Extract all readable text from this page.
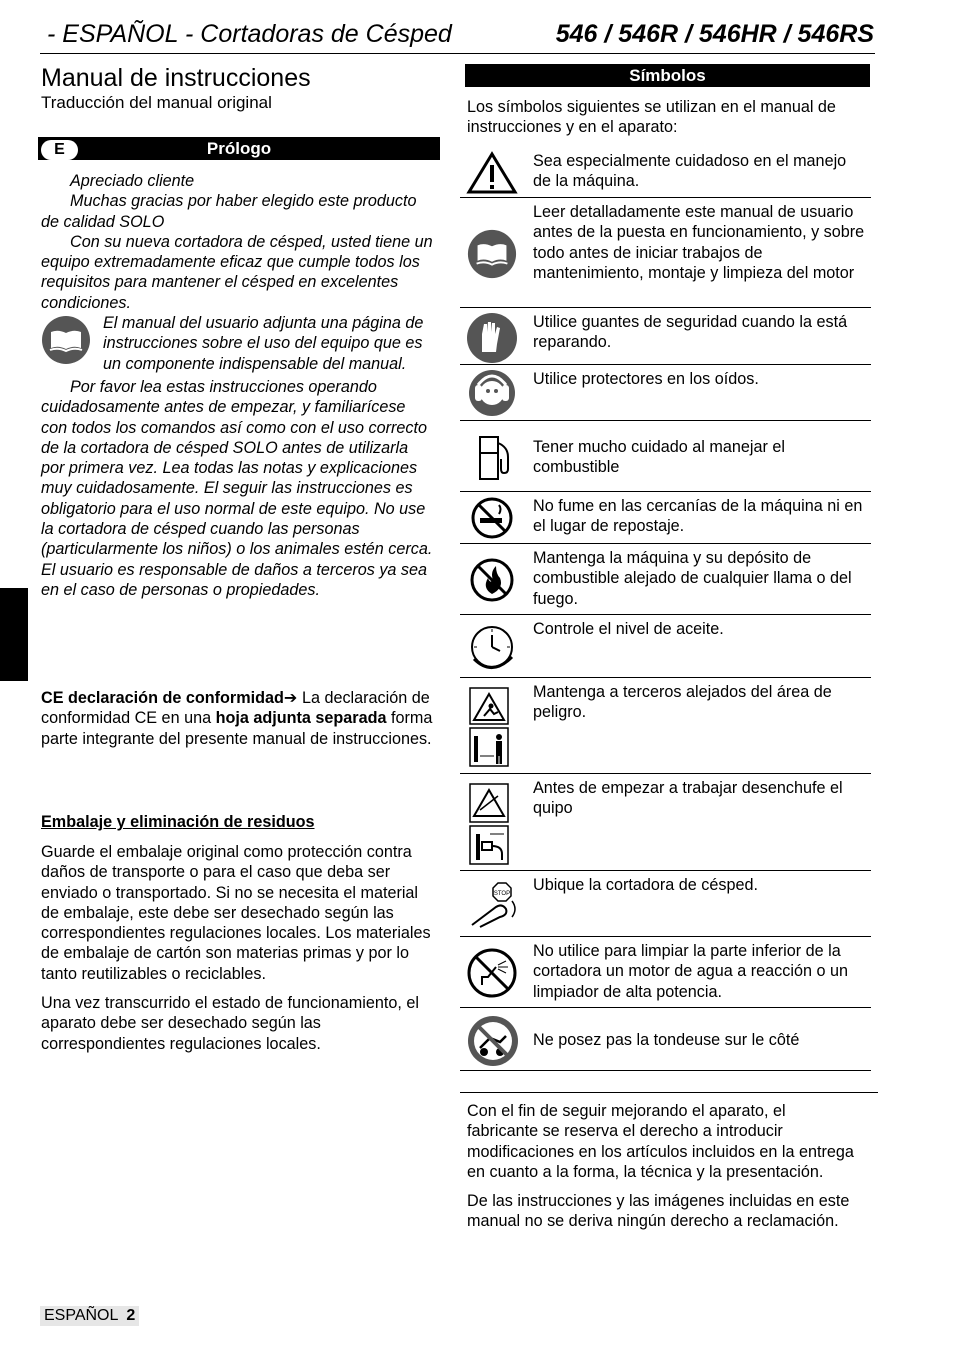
- ESPAÑOL - Cortadoras de Césped	546 / 546R / 546HR / 546RS
Manual de instrucciones
Traducción del manual original
Prólogo
E

Apreciado cliente

Muchas gracias por haber elegido este producto de calidad SOLO

Con su nueva cortadora de césped, usted tiene un equipo extremadamente eficaz que cumple todos los requisitos para mantener el césped en excelentes condiciones.

El manual del usuario adjunta una página de instrucciones sobre el uso del equipo que es un componente indispensable del manual.

Por favor lea estas instrucciones operando cuidadosamente antes de empezar, y familiarícese con todos los comandos así como con el uso correcto de la cortadora de césped SOLO antes de utilizarla por primera vez. Lea todas las notas y explicaciones muy cuidadosamente. El seguir las instrucciones es obligatorio para el uso normal de este equipo. No use la cortadora de césped cuando las personas (particularmente los niños) o los animales estén cerca. El usuario es responsable de daños a terceros ya sea en el caso de personas o propiedades.

CE declaración de conformidad➔ La declaración de conformidad CE en una hoja adjunta separada forma parte integrante del presente manual de instrucciones.
Embalaje y eliminación de residuos

Guarde el embalaje original como protección contra daños de transporte o para el caso que deba ser enviado o transportado. Si no se necesita el material de embalaje, este debe ser desechado según las correspondientes regulaciones locales. Los materiales de embalaje de cartón son materias primas y por lo tanto reutilizables o reciclables.

Una vez transcurrido el estado de funcionamiento, el aparato debe ser desechado según las correspondientes regulaciones locales.

Símbolos
Los símbolos siguientes se utilizan en el manual de instrucciones y en el aparato:
Sea especialmente cuidadoso en el manejo de la máquina.
Leer detalladamente este manual de usuario antes de la puesta en funcionamiento, y sobre todo antes de iniciar trabajos de mantenimiento, montaje y limpieza del motor
Utilice guantes de seguridad cuando la está reparando.
Utilice protectores en los oídos.
Tener mucho cuidado al manejar el combustible
No fume en las cercanías de la máquina ni en el lugar de repostaje.
Mantenga la máquina y su depósito de combustible alejado de cualquier llama o del fuego.
Controle el nivel de aceite.
Mantenga a terceros alejados del área de peligro.
Antes de empezar a trabajar desenchufe el quipo
STOP Ubique la cortadora de césped.
No utilice para limpiar la parte inferior de la cortadora un motor de agua a reacción o un limpiador de alta potencia.
Ne posez pas la tondeuse sur le côté

Con el fin de seguir mejorando el aparato, el fabricante se reserva el derecho a introducir modificaciones en los artículos incluidos en la entrega en cuanto a la forma, la técnica y la presentación.

De las instrucciones y las imágenes incluidas en este manual no se deriva ningún derecho a reclamación.

ESPAÑOL 2
